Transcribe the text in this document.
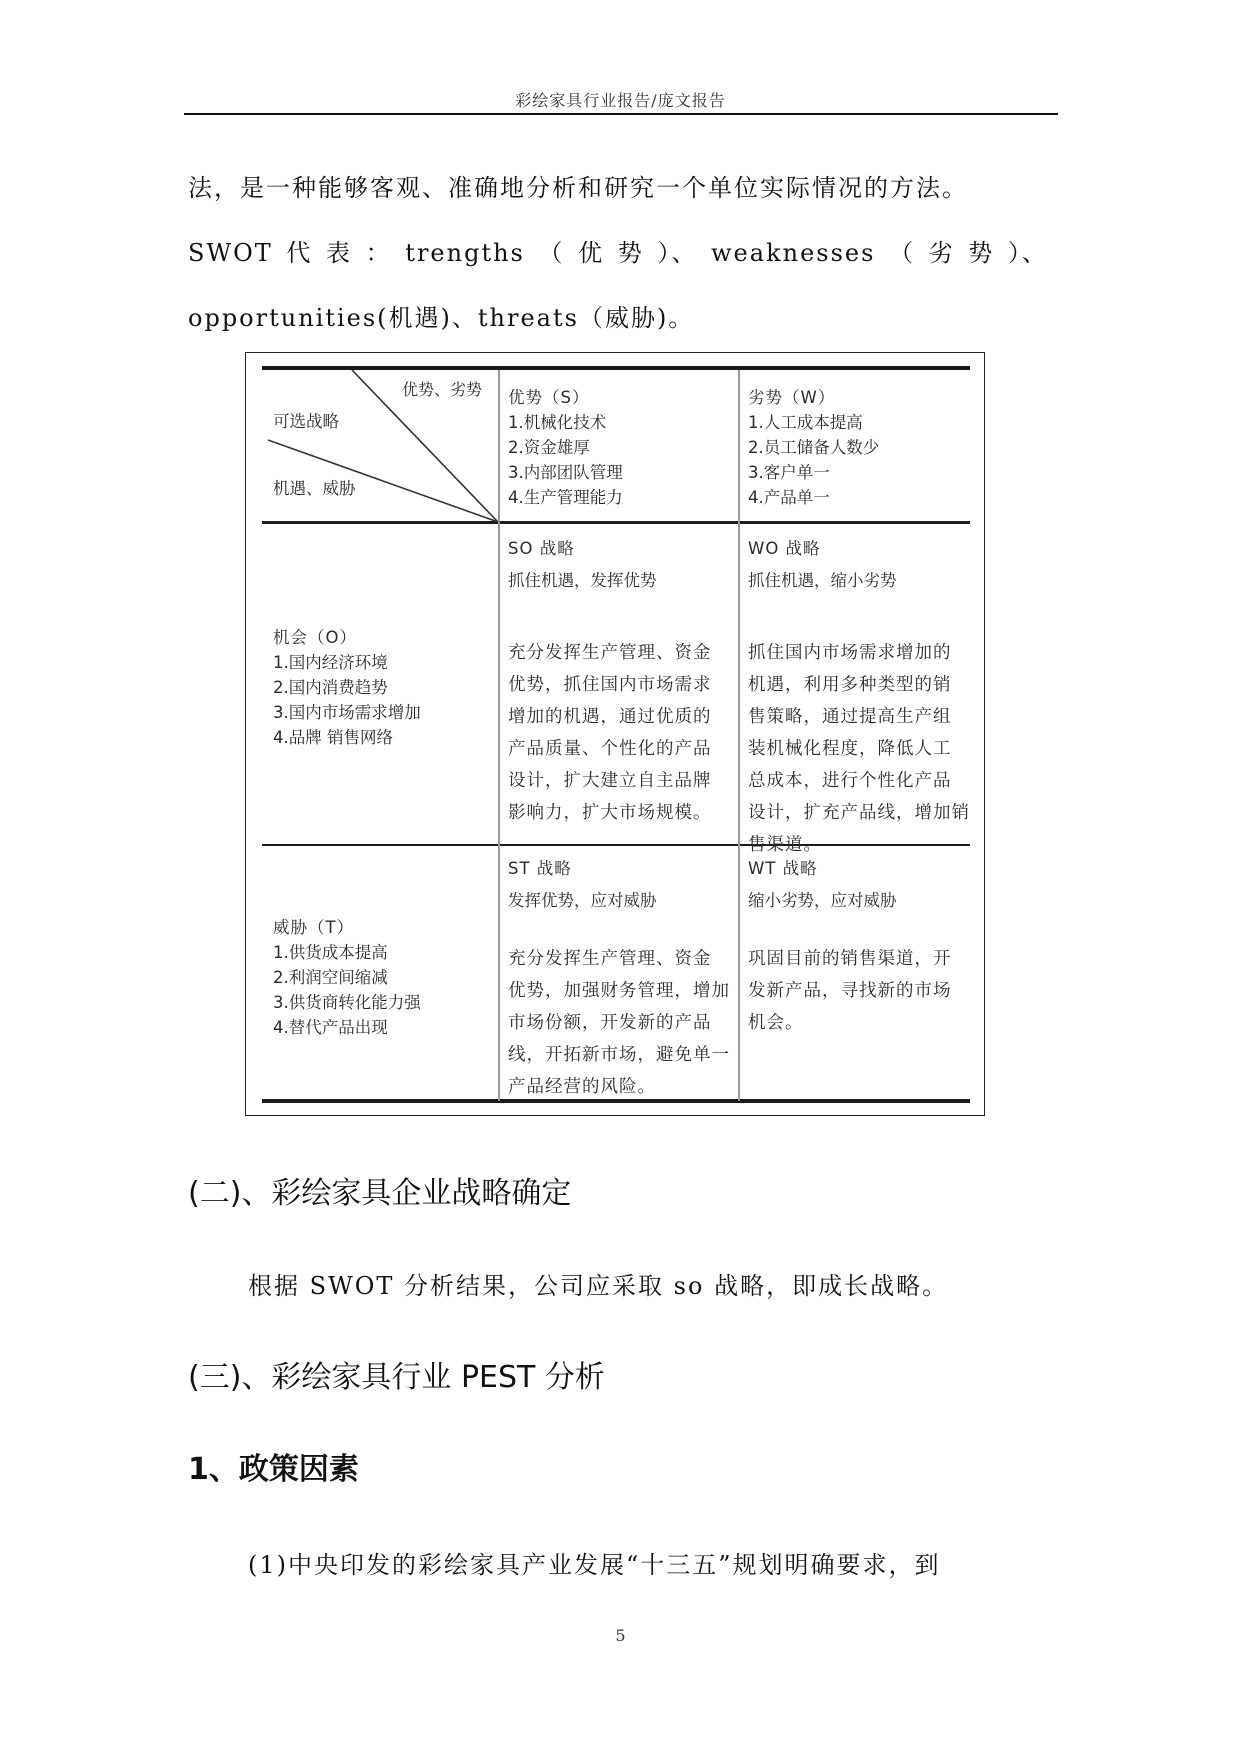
彩绘家具行业报告/庞文报告
法，是一种能够客观、准确地分析和研究一个单位实际情况的方法。
SWOT 代 表 ： trengths （ 优 势 ）、 weaknesses （ 劣 势 ）、
opportunities(机遇)、threats（威胁)。
优势、劣势
可选战略
机遇、威胁
优势（S）
1.机械化技术
2.资金雄厚
3.内部团队管理
4.生产管理能力
劣势（W）
1.人工成本提高
2.员工储备人数少
3.客户单一
4.产品单一
机会（O）
1.国内经济环境
2.国内消费趋势
3.国内市场需求增加
4.品牌 销售网络
SO 战略
抓住机遇，发挥优势
充分发挥生产管理、资金
优势，抓住国内市场需求
增加的机遇，通过优质的
产品质量、个性化的产品
设计，扩大建立自主品牌
影响力，扩大市场规模。
WO 战略
抓住机遇，缩小劣势
抓住国内市场需求增加的
机遇，利用多种类型的销
售策略，通过提高生产组
装机械化程度，降低人工
总成本，进行个性化产品
设计，扩充产品线，增加销
售渠道。
威胁（T）
1.供货成本提高
2.利润空间缩减
3.供货商转化能力强
4.替代产品出现
ST 战略
发挥优势，应对威胁
充分发挥生产管理、资金
优势，加强财务管理，增加
市场份额，开发新的产品
线，开拓新市场，避免单一
产品经营的风险。
WT 战略
缩小劣势，应对威胁
巩固目前的销售渠道，开
发新产品，寻找新的市场
机会。
(二)、彩绘家具企业战略确定
根据 SWOT 分析结果，公司应采取 so 战略，即成长战略。
(三)、彩绘家具行业 PEST 分析
1、政策因素
(1)中央印发的彩绘家具产业发展“十三五”规划明确要求，到
5
